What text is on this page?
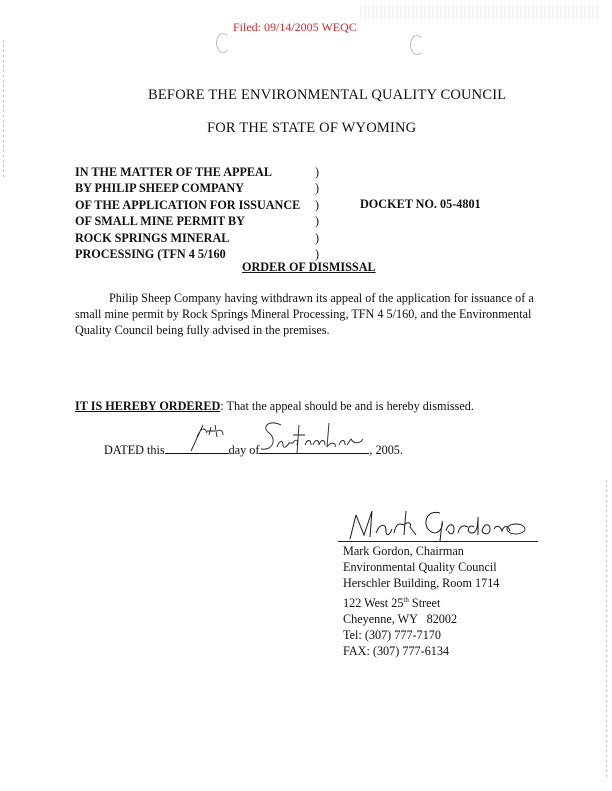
Filed: 09/14/2005 WEQC
BEFORE THE ENVIRONMENTAL QUALITY COUNCIL
FOR THE STATE OF WYOMING
IN THE MATTER OF THE APPEAL
BY PHILIP SHEEP COMPANY
OF THE APPLICATION FOR ISSUANCE
OF SMALL MINE PERMIT BY
ROCK SPRINGS MINERAL
PROCESSING (TFN 4 5/160
)
)
)
)
)
)
DOCKET NO. 05-4801
ORDER OF DISMISSAL
Philip Sheep Company having withdrawn its appeal of the application for issuance of a small mine permit by Rock Springs Mineral Processing, TFN 4 5/160, and the Environmental Quality Council being fully advised in the premises.
IT IS HEREBY ORDERED: That the appeal should be and is hereby dismissed.
DATED this	day of	, 2005.
Mark Gordon, Chairman
Environmental Quality Council
Herschler Building, Room 1714
122 West 25th Street
Cheyenne, WY   82002
Tel: (307) 777-7170
FAX: (307) 777-6134
